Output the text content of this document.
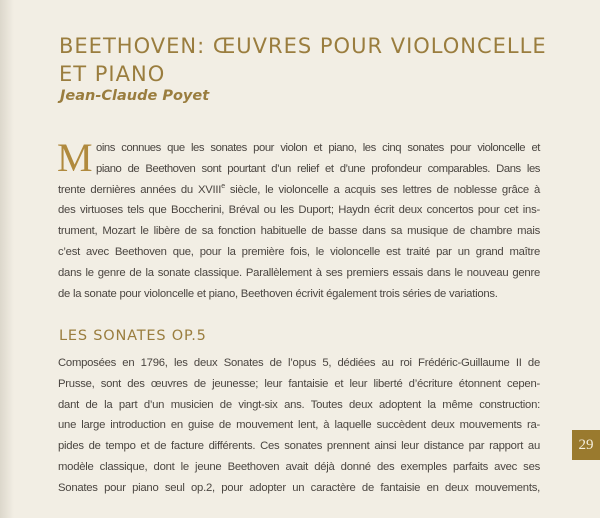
BEETHOVEN: ŒUVRES POUR VIOLONCELLE
ET PIANO
Jean-Claude Poyet
M oins connues que les sonates pour violon et piano, les cinq sonates pour violoncelle et
piano de Beethoven sont pourtant d’un relief et d’une profondeur comparables. Dans les
trente dernières années du XVIIIe siècle, le violoncelle a acquis ses lettres de noblesse grâce à
des virtuoses tels que Boccherini, Bréval ou les Duport; Haydn écrit deux concertos pour cet ins-
trument, Mozart le libère de sa fonction habituelle de basse dans sa musique de chambre mais
c’est avec Beethoven que, pour la première fois, le violoncelle est traité par un grand maître
dans le genre de la sonate classique. Parallèlement à ses premiers essais dans le nouveau genre
de la sonate pour violoncelle et piano, Beethoven écrivit également trois séries de variations.
LES SONATES OP.5
Composées en 1796, les deux Sonates de l’opus 5, dédiées au roi Frédéric-Guillaume II de
Prusse, sont des œuvres de jeunesse; leur fantaisie et leur liberté d’écriture étonnent cepen-
dant de la part d’un musicien de vingt-six ans. Toutes deux adoptent la même construction:
une large introduction en guise de mouvement lent, à laquelle succèdent deux mouvements ra-
pides de tempo et de facture différents. Ces sonates prennent ainsi leur distance par rapport au
modèle classique, dont le jeune Beethoven avait déjà donné des exemples parfaits avec ses
Sonates pour piano seul op.2, pour adopter un caractère de fantaisie en deux mouvements,
29
